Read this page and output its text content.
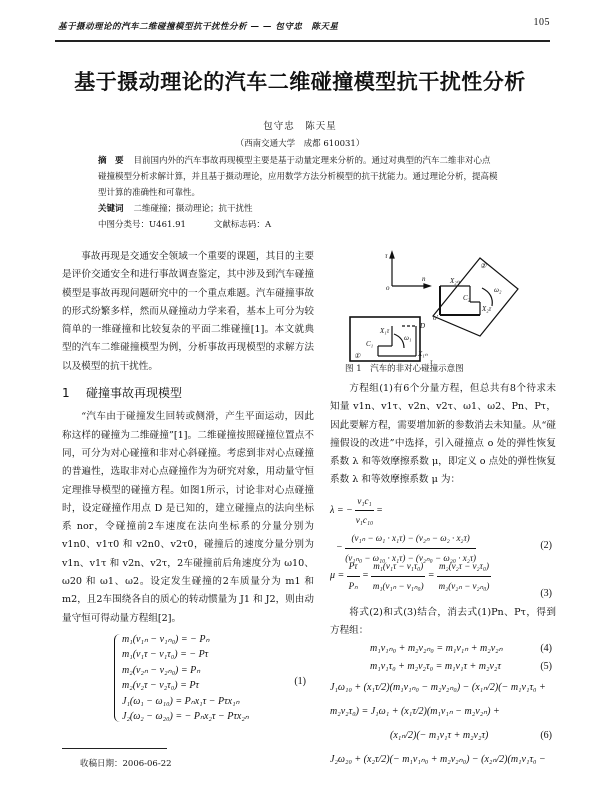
基于摄动理论的汽车二维碰撞模型抗干扰性分析 — — 包守忠　陈天星	105
基于摄动理论的汽车二维碰撞模型抗干扰性分析
包守忠　陈天星
（西南交通大学　成都 610031）

摘　要 目前国内外的汽车事故再现模型主要是基于动量定理来分析的。通过对典型的汽车二维非对心点碰撞模型分析求解计算，并且基于摄动理论，应用数学方法分析模型的抗干扰能力。通过理论分析，提高模型计算的准确性和可靠性。

关键词 二维碰撞；摄动理论；抗干扰性

中图分类号：U461.91	文献标志码：A

事故再现是交通安全领域一个重要的课题，其目的主要是评价交通安全和进行事故调查鉴定，其中涉及到汽车碰撞模型是事故再现问题研究中的一个重点难题。汽车碰撞事故的形式纷繁多样，然而从碰撞动力学来看，基本上可分为较简单的一维碰撞和比较复杂的平面二维碰撞[1]。本文就典型的汽车二维碰撞模型为例，分析事故再现模型的求解方法以及模型的抗干扰性。

1 碰撞事故再现模型

“汽车由于碰撞发生回转或侧滑，产生平面运动，因此称这样的碰撞为二维碰撞”[1]。二维碰撞按照碰撞位置点不同，可分为对心碰撞和非对心斜碰撞。考虑到非对心点碰撞的普遍性，选取非对心点碰撞作为为研究对象，用动量守恒定理推导模型的碰撞方程。如图1所示，讨论非对心点碰撞时，设定碰撞作用点 D 是已知的，建立碰撞点的法向坐标系 nor，令碰撞前2车速度在法向坐标系的分量分别为 v1n0、v1τ0 和 v2n0、v2τ0，碰撞后的速度分量分别为 v1n、v1τ 和 v2n、v2τ，2车碰撞前后角速度分为 ω10、ω20 和 ω1、ω2。设定发生碰撞的2车质量分为 m1 和 m2，且2车围绕各自的质心的转动惯量为 J1 和 J2，则由动量守恒可得动量方程组[2]。

m₁(v₁ₙ − v₁ₙ₀) = − Pₙ
m₁(v₁τ − v₁τ₀) = − Pτ
m₂(v₂ₙ − v₂ₙ₀) = Pₙ
m₂(v₂τ − v₂τ₀) = Pτ
J₁(ω₁ − ω₁₀) = Pₙx₁τ − Pτx₁ₙ
J₂(ω₂ − ω₂₀) = − Pₙx₂τ − Pτx₂ₙ
(1)
收稿日期：2006-06-22
τ
n
o
②
X₂ₙ
C₂
X₂τ
ω₂
o'
D
X₁τ
C₁
ω₁
X₁ₙ
①
τ
图 1　汽车的非对心碰撞示意图

方程组(1)有6个分量方程，但总共有8个待求未知量 v1n、v1τ、v2n、v2τ、ω1、ω2、Pn、Pτ，因此要解方程，需要增加新的参数消去未知量。从“碰撞假设的改进”中选择，引入碰撞点 o 处的弹性恢复系数 λ 和等效摩擦系数 μ，即定义 o 点处的弹性恢复系数 λ 和等效摩擦系数 μ 为：

λ = − $\frac{\text{v₁c₁}}{\text{v₁c₁₀}}$ =
− $\frac{\text{(v₁ₙ − ω₁ · x₁τ) − (v₂ₙ − ω₂ · x₂τ)}}{\text{(v₁ₙ₀ − ω₁₀ · x₁τ) − (v₂ₙ₀ − ω₂₀ · x₂τ)}}$	(2)
$\mu = \frac{P\tau}{\text{Pₙ}} = \frac{\text{m₁(v₁τ − v₁τ₀)}}{\text{m₁(v₁ₙ − v₁ₙ₀)}} = \frac{\text{m₂(v₂τ − v₂τ₀)}}{\text{m₂(v₂ₙ − v₂ₙ₀)}}$	(3)

将式(2)和式(3)结合，消去式(1)Pn、Pτ，得到方程组：

m₁v₁ₙ₀ + m₂v₂ₙ₀ = m₁v₁ₙ + m₂v₂ₙ	(4)
m₁v₁τ₀ + m₂v₂τ₀ = m₁v₁τ + m₂v₂τ	(5)
J₁ω₁₀ + (x₁τ/2)(m₁v₁ₙ₀ − m₂v₂ₙ₀) − (x₁ₙ/2)(− m₁v₁τ₀ +
m₂v₂τ₀) = J₁ω₁ + (x₁τ/2)(m₁v₁ₙ − m₂v₂ₙ) +
(x₁ₙ/2)(− m₁v₁τ + m₂v₂τ)	(6)
J₂ω₂₀ + (x₂τ/2)(− m₁v₁ₙ₀ + m₂v₂ₙ₀) − (x₂ₙ/2)(m₁v₁τ₀ −
